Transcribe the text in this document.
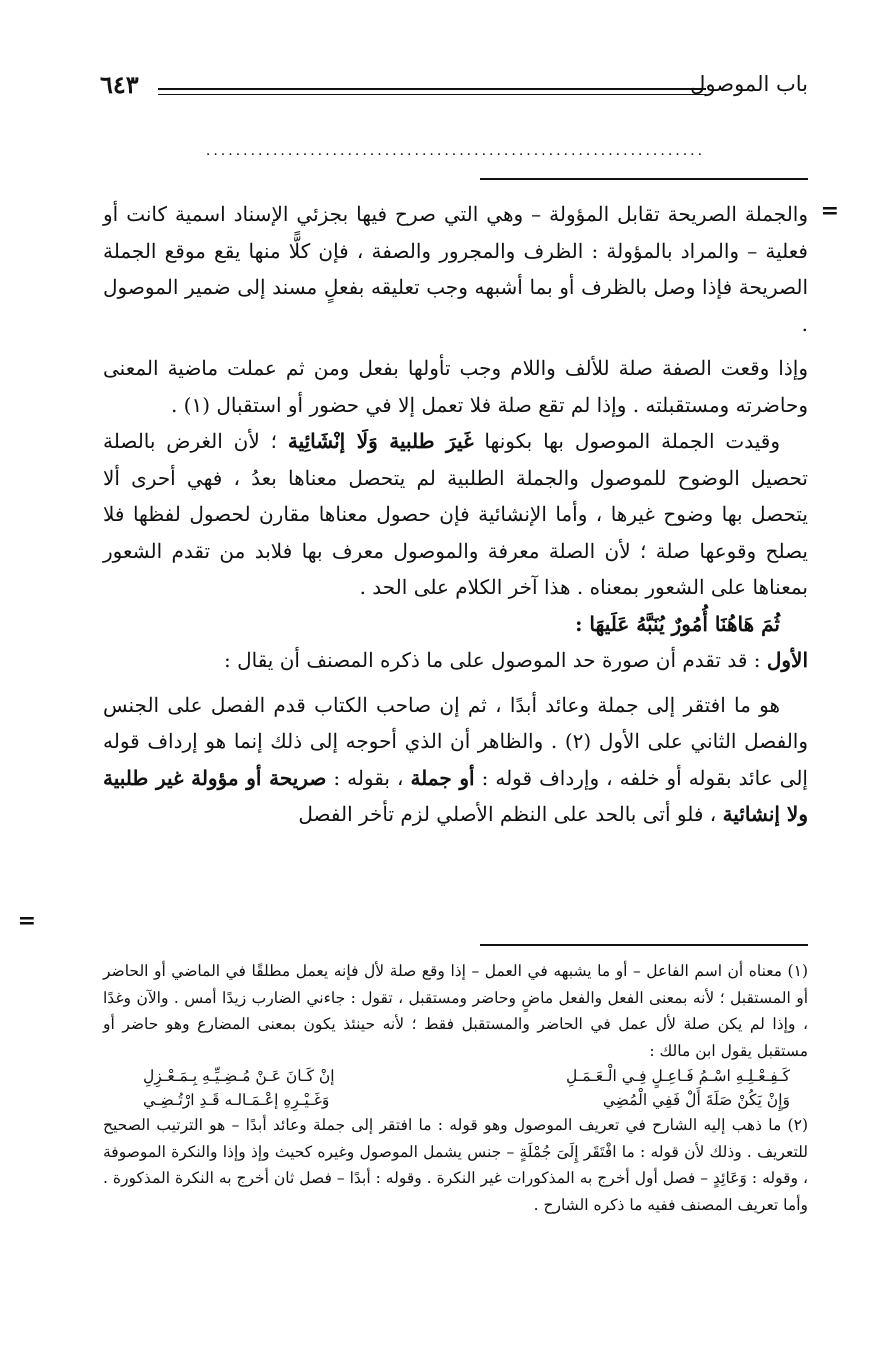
باب الموصول
٦٤٣
...................................................................
=

والجملة الصريحة تقابل المؤولة – وهي التي صرح فيها بجزئي الإسناد اسمية كانت أو فعلية – والمراد بالمؤولة : الظرف والمجرور والصفة ، فإن كلًّا منها يقع موقع الجملة الصريحة فإذا وصل بالظرف أو بما أشبهه وجب تعليقه بفعلٍ مسند إلى ضمير الموصول .

وإذا وقعت الصفة صلة للألف واللام وجب تأولها بفعل ومن ثم عملت ماضية المعنى وحاضرته ومستقبلته . وإذا لم تقع صلة فلا تعمل إلا في حضور أو استقبال (١) .

وقيدت الجملة الموصول بها بكونها غَيرَ طلبية وَلَا إنْشَائِية ؛ لأن الغرض بالصلة تحصيل الوضوح للموصول والجملة الطلبية لم يتحصل معناها بعدُ ، فهي أحرى ألا يتحصل بها وضوح غيرها ، وأما الإنشائية فإن حصول معناها مقارن لحصول لفظها فلا يصلح وقوعها صلة ؛ لأن الصلة معرفة والموصول معرف بها فلابد من تقدم الشعور بمعناها على الشعور بمعناه . هذا آخر الكلام على الحد .

ثُمَ هَاهُنَا أُمُورٌ يُنَبَّهُ عَلَيهَا :

الأول : قد تقدم أن صورة حد الموصول على ما ذكره المصنف أن يقال :

هو ما افتقر إلى جملة وعائد أبدًا ، ثم إن صاحب الكتاب قدم الفصل على الجنس والفصل الثاني على الأول (٢) . والظاهر أن الذي أحوجه إلى ذلك إنما هو إرداف قوله إلى عائد بقوله أو خلفه ، وإرداف قوله : أو جملة ، بقوله : صريحة أو مؤولة غير طلبية ولا إنشائية ، فلو أتى بالحد على النظم الأصلي لزم تأخر الفصل

=

(١) معناه أن اسم الفاعل – أو ما يشبهه في العمل – إذا وقع صلة لأل فإنه يعمل مطلقًا في الماضي أو الحاضر أو المستقبل ؛ لأنه بمعنى الفعل والفعل ماضٍ وحاضر ومستقبل ، تقول : جاءني الضارب زيدًا أمس . والآن وغدًا ، وإذا لم يكن صلة لأل عمل في الحاضر والمستقبل فقط ؛ لأنه حينئذ يكون بمعنى المضارع وهو حاضر أو مستقبل يقول ابن مالك :

كَـفِـعْـلِـهِ اسْـمُ فَـاعِـلٍ فِـي الْـعَـمَـلِ
إنْ كَـانَ عَـنْ مُـضِـيِّـهِ بِـمَـعْـزِلِ
وَإِنْ يَكُنْ صَلَةَ أَلْ فَفِي الْمُضِي
وَغَـيْـرِهِ إعْـمَـالـه قَـدِ ارْتُـضِـي

(٢) ما ذهب إليه الشارح في تعريف الموصول وهو قوله : ما افتقر إلى جملة وعائد أبدًا – هو الترتيب الصحيح للتعريف . وذلك لأن قوله : ما افْتَقَر إِلَىَ جُمْلَةٍ – جنس يشمل الموصول وغيره كحيث وإذ وإذا والنكرة الموصوفة ، وقوله : وَعَائِدٍ – فصل أول أخرج به المذكورات غير النكرة . وقوله : أبدًا – فصل ثان أخرج به النكرة المذكورة . وأما تعريف المصنف ففيه ما ذكره الشارح .
